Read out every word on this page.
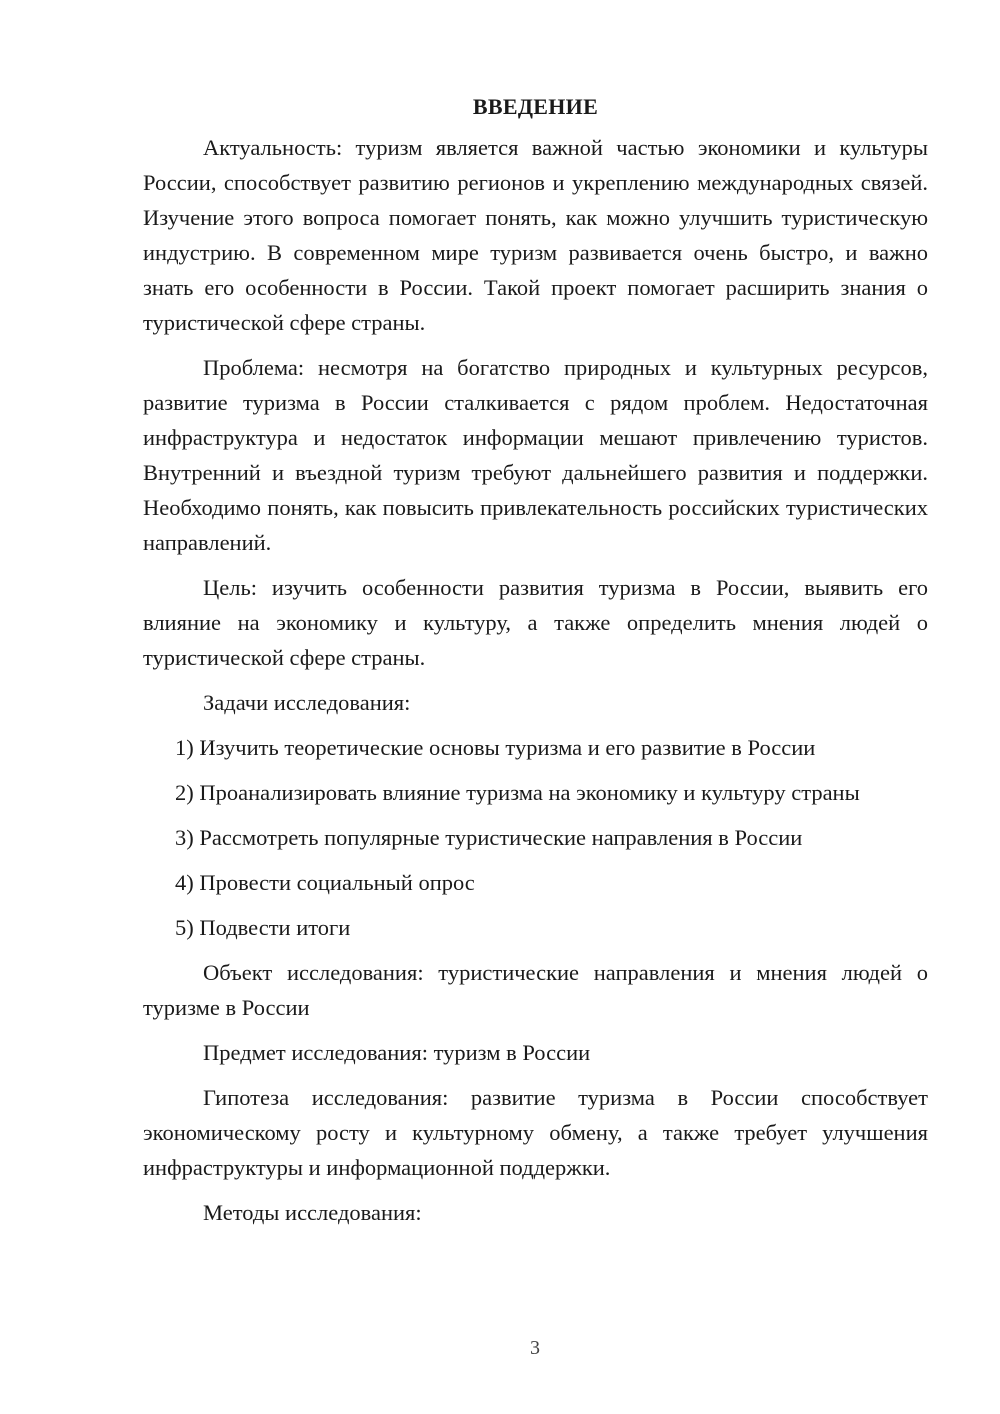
ВВЕДЕНИЕ

Актуальность: туризм является важной частью экономики и культуры России, способствует развитию регионов и укреплению международных связей. Изучение этого вопроса помогает понять, как можно улучшить туристическую индустрию. В современном мире туризм развивается очень быстро, и важно знать его особенности в России. Такой проект помогает расширить знания о туристической сфере страны.

Проблема: несмотря на богатство природных и культурных ресурсов, развитие туризма в России сталкивается с рядом проблем. Недостаточная инфраструктура и недостаток информации мешают привлечению туристов. Внутренний и въездной туризм требуют дальнейшего развития и поддержки. Необходимо понять, как повысить привлекательность российских туристических направлений.

Цель: изучить особенности развития туризма в России, выявить его влияние на экономику и культуру, а также определить мнения людей о туристической сфере страны.

Задачи исследования:

1) Изучить теоретические основы туризма и его развитие в России

2) Проанализировать влияние туризма на экономику и культуру страны

3) Рассмотреть популярные туристические направления в России

4) Провести социальный опрос

5) Подвести итоги

Объект исследования: туристические направления и мнения людей о туризме в России

Предмет исследования: туризм в России

Гипотеза исследования: развитие туризма в России способствует экономическому росту и культурному обмену, а также требует улучшения инфраструктуры и информационной поддержки.

Методы исследования:

3
